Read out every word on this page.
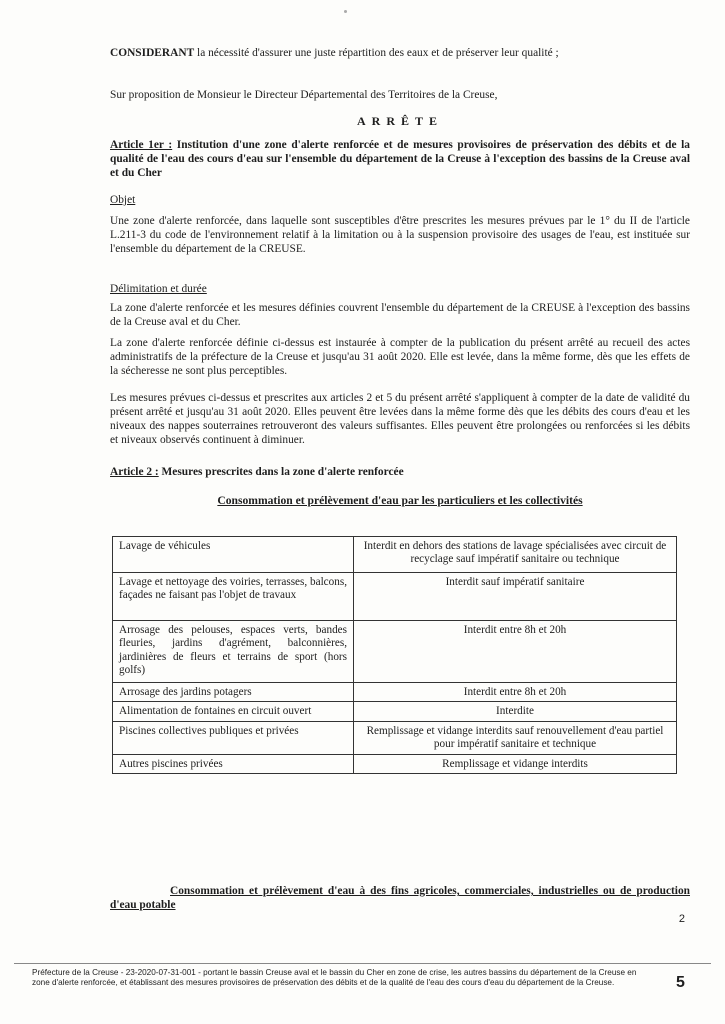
CONSIDERANT la nécessité d'assurer une juste répartition des eaux et de préserver leur qualité ;

Sur proposition de Monsieur le Directeur Départemental des Territoires de la Creuse,

ARRÊTE

Article 1er : Institution d'une zone d'alerte renforcée et de mesures provisoires de préservation des débits et de la qualité de l'eau des cours d'eau sur l'ensemble du département de la Creuse à l'exception des bassins de la Creuse aval et du Cher

Objet

Une zone d'alerte renforcée, dans laquelle sont susceptibles d'être prescrites les mesures prévues par le 1° du II de l'article L.211-3 du code de l'environnement relatif à la limitation ou à la suspension provisoire des usages de l'eau, est instituée sur l'ensemble du département de la CREUSE.

Délimitation et durée

La zone d'alerte renforcée et les mesures définies couvrent l'ensemble du département de la CREUSE à l'exception des bassins de la Creuse aval et du Cher.

La zone d'alerte renforcée définie ci-dessus est instaurée à compter de la publication du présent arrêté au recueil des actes administratifs de la préfecture de la Creuse et jusqu'au 31 août 2020. Elle est levée, dans la même forme, dès que les effets de la sécheresse ne sont plus perceptibles.

Les mesures prévues ci-dessus et prescrites aux articles 2 et 5 du présent arrêté s'appliquent à compter de la date de validité du présent arrêté et jusqu'au 31 août 2020. Elles peuvent être levées dans la même forme dès que les débits des cours d'eau et les niveaux des nappes souterraines retrouveront des valeurs suffisantes. Elles peuvent être prolongées ou renforcées si les débits et niveaux observés continuent à diminuer.

Article 2 : Mesures prescrites dans la zone d'alerte renforcée

Consommation et prélèvement d'eau par les particuliers et les collectivités
Lavage de véhicules	Interdit en dehors des stations de lavage spécialisées avec circuit de recyclage sauf impératif sanitaire ou technique
Lavage et nettoyage des voiries, terrasses, balcons, façades ne faisant pas l'objet de travaux	Interdit sauf impératif sanitaire
Arrosage des pelouses, espaces verts, bandes fleuries, jardins d'agrément, balconnières, jardinières de fleurs et terrains de sport (hors golfs)	Interdit entre 8h et 20h
Arrosage des jardins potagers	Interdit entre 8h et 20h
Alimentation de fontaines en circuit ouvert	Interdite
Piscines collectives publiques et privées	Remplissage et vidange interdits sauf renouvellement d'eau partiel pour impératif sanitaire et technique
Autres piscines privées	Remplissage et vidange interdits

Consommation et prélèvement d'eau à des fins agricoles, commerciales, industrielles ou de production d'eau potable

2
Préfecture de la Creuse - 23-2020-07-31-001 - portant le bassin Creuse aval et le bassin du Cher en zone de crise, les autres bassins du département de la Creuse en zone d'alerte renforcée, et établissant des mesures provisoires de préservation des débits et de la qualité de l'eau des cours d'eau du département de la Creuse.	5
